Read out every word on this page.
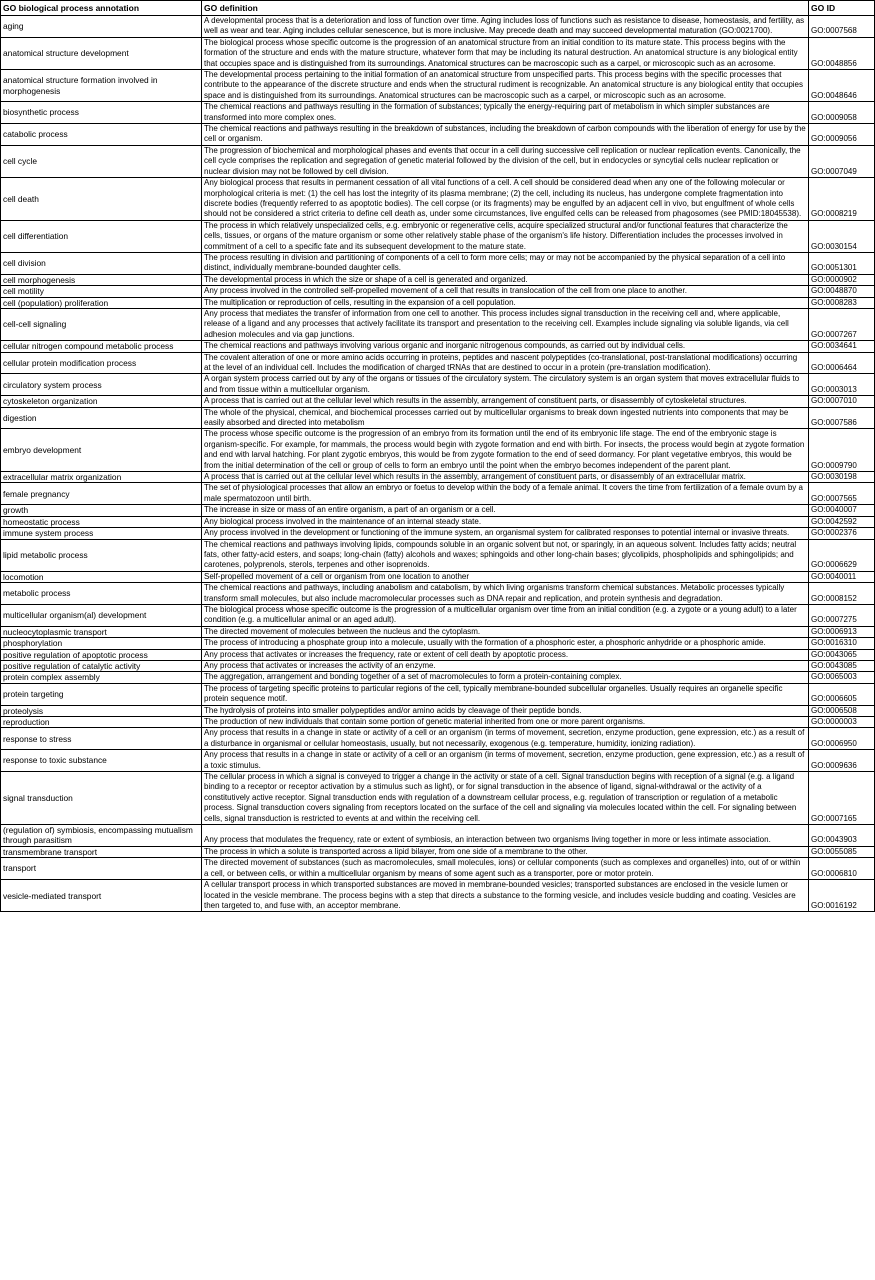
GO biological process annotation	GO definition	GO ID
aging	A developmental process that is a deterioration and loss of function over time. Aging includes loss of functions such as resistance to disease, homeostasis, and fertility, as well as wear and tear. Aging includes cellular senescence, but is more inclusive. May precede death and may succeed developmental maturation (GO:0021700).	GO:0007568
anatomical structure development	The biological process whose specific outcome is the progression of an anatomical structure from an initial condition to its mature state. This process begins with the formation of the structure and ends with the mature structure, whatever form that may be including its natural destruction. An anatomical structure is any biological entity that occupies space and is distinguished from its surroundings. Anatomical structures can be macroscopic such as a carpel, or microscopic such as an acrosome.	GO:0048856
anatomical structure formation involved in morphogenesis	The developmental process pertaining to the initial formation of an anatomical structure from unspecified parts. This process begins with the specific processes that contribute to the appearance of the discrete structure and ends when the structural rudiment is recognizable. An anatomical structure is any biological entity that occupies space and is distinguished from its surroundings. Anatomical structures can be macroscopic such as a carpel, or microscopic such as an acrosome.	GO:0048646
biosynthetic process	The chemical reactions and pathways resulting in the formation of substances; typically the energy-requiring part of metabolism in which simpler substances are transformed into more complex ones.	GO:0009058
catabolic process	The chemical reactions and pathways resulting in the breakdown of substances, including the breakdown of carbon compounds with the liberation of energy for use by the cell or organism.	GO:0009056
cell cycle	The progression of biochemical and morphological phases and events that occur in a cell during successive cell replication or nuclear replication events. Canonically, the cell cycle comprises the replication and segregation of genetic material followed by the division of the cell, but in endocycles or syncytial cells nuclear replication or nuclear division may not be followed by cell division.	GO:0007049
cell death	Any biological process that results in permanent cessation of all vital functions of a cell. A cell should be considered dead when any one of the following molecular or morphological criteria is met: (1) the cell has lost the integrity of its plasma membrane; (2) the cell, including its nucleus, has undergone complete fragmentation into discrete bodies (frequently referred to as apoptotic bodies). The cell corpse (or its fragments) may be engulfed by an adjacent cell in vivo, but engulfment of whole cells should not be considered a strict criteria to define cell death as, under some circumstances, live engulfed cells can be released from phagosomes (see PMID:18045538).	GO:0008219
cell differentiation	The process in which relatively unspecialized cells, e.g. embryonic or regenerative cells, acquire specialized structural and/or functional features that characterize the cells, tissues, or organs of the mature organism or some other relatively stable phase of the organism's life history. Differentiation includes the processes involved in commitment of a cell to a specific fate and its subsequent development to the mature state.	GO:0030154
cell division	The process resulting in division and partitioning of components of a cell to form more cells; may or may not be accompanied by the physical separation of a cell into distinct, individually membrane-bounded daughter cells.	GO:0051301
cell morphogenesis	The developmental process in which the size or shape of a cell is generated and organized.	GO:0000902
cell motility	Any process involved in the controlled self-propelled movement of a cell that results in translocation of the cell from one place to another.	GO:0048870
cell (population) proliferation	The multiplication or reproduction of cells, resulting in the expansion of a cell population.	GO:0008283
cell-cell signaling	Any process that mediates the transfer of information from one cell to another. This process includes signal transduction in the receiving cell and, where applicable, release of a ligand and any processes that actively facilitate its transport and presentation to the receiving cell. Examples include signaling via soluble ligands, via cell adhesion molecules and via gap junctions.	GO:0007267
cellular nitrogen compound metabolic process	The chemical reactions and pathways involving various organic and inorganic nitrogenous compounds, as carried out by individual cells.	GO:0034641
cellular protein modification process	The covalent alteration of one or more amino acids occurring in proteins, peptides and nascent polypeptides (co-translational, post-translational modifications) occurring at the level of an individual cell. Includes the modification of charged tRNAs that are destined to occur in a protein (pre-translation modification).	GO:0006464
circulatory system process	A organ system process carried out by any of the organs or tissues of the circulatory system. The circulatory system is an organ system that moves extracellular fluids to and from tissue within a multicellular organism.	GO:0003013
cytoskeleton organization	A process that is carried out at the cellular level which results in the assembly, arrangement of constituent parts, or disassembly of cytoskeletal structures.	GO:0007010
digestion	The whole of the physical, chemical, and biochemical processes carried out by multicellular organisms to break down ingested nutrients into components that may be easily absorbed and directed into metabolism	GO:0007586
embryo development	The process whose specific outcome is the progression of an embryo from its formation until the end of its embryonic life stage. The end of the embryonic stage is organism-specific. For example, for mammals, the process would begin with zygote formation and end with birth. For insects, the process would begin at zygote formation and end with larval hatching. For plant zygotic embryos, this would be from zygote formation to the end of seed dormancy. For plant vegetative embryos, this would be from the initial determination of the cell or group of cells to form an embryo until the point when the embryo becomes independent of the parent plant.	GO:0009790
extracellular matrix organization	A process that is carried out at the cellular level which results in the assembly, arrangement of constituent parts, or disassembly of an extracellular matrix.	GO:0030198
female pregnancy	The set of physiological processes that allow an embryo or foetus to develop within the body of a female animal. It covers the time from fertilization of a female ovum by a male spermatozoon until birth.	GO:0007565
growth	The increase in size or mass of an entire organism, a part of an organism or a cell.	GO:0040007
homeostatic process	Any biological process involved in the maintenance of an internal steady state.	GO:0042592
immune system process	Any process involved in the development or functioning of the immune system, an organismal system for calibrated responses to potential internal or invasive threats.	GO:0002376
lipid metabolic process	The chemical reactions and pathways involving lipids, compounds soluble in an organic solvent but not, or sparingly, in an aqueous solvent. Includes fatty acids; neutral fats, other fatty-acid esters, and soaps; long-chain (fatty) alcohols and waxes; sphingoids and other long-chain bases; glycolipids, phospholipids and sphingolipids; and carotenes, polyprenols, sterols, terpenes and other isoprenoids.	GO:0006629
locomotion	Self-propelled movement of a cell or organism from one location to another	GO:0040011
metabolic process	The chemical reactions and pathways, including anabolism and catabolism, by which living organisms transform chemical substances. Metabolic processes typically transform small molecules, but also include macromolecular processes such as DNA repair and replication, and protein synthesis and degradation.	GO:0008152
multicellular organism(al) development	The biological process whose specific outcome is the progression of a multicellular organism over time from an initial condition (e.g. a zygote or a young adult) to a later condition (e.g. a multicellular animal or an aged adult).	GO:0007275
nucleocytoplasmic transport	The directed movement of molecules between the nucleus and the cytoplasm.	GO:0006913
phosphorylation	The process of introducing a phosphate group into a molecule, usually with the formation of a phosphoric ester, a phosphoric anhydride or a phosphoric amide.	GO:0016310
positive regulation of apoptotic process	Any process that activates or increases the frequency, rate or extent of cell death by apoptotic process.	GO:0043065
positive regulation of catalytic activity	Any process that activates or increases the activity of an enzyme.	GO:0043085
protein complex assembly	The aggregation, arrangement and bonding together of a set of macromolecules to form a protein-containing complex.	GO:0065003
protein targeting	The process of targeting specific proteins to particular regions of the cell, typically membrane-bounded subcellular organelles. Usually requires an organelle specific protein sequence motif.	GO:0006605
proteolysis	The hydrolysis of proteins into smaller polypeptides and/or amino acids by cleavage of their peptide bonds.	GO:0006508
reproduction	The production of new individuals that contain some portion of genetic material inherited from one or more parent organisms.	GO:0000003
response to stress	Any process that results in a change in state or activity of a cell or an organism (in terms of movement, secretion, enzyme production, gene expression, etc.) as a result of a disturbance in organismal or cellular homeostasis, usually, but not necessarily, exogenous (e.g. temperature, humidity, ionizing radiation).	GO:0006950
response to toxic substance	Any process that results in a change in state or activity of a cell or an organism (in terms of movement, secretion, enzyme production, gene expression, etc.) as a result of a toxic stimulus.	GO:0009636
signal transduction	The cellular process in which a signal is conveyed to trigger a change in the activity or state of a cell. Signal transduction begins with reception of a signal (e.g. a ligand binding to a receptor or receptor activation by a stimulus such as light), or for signal transduction in the absence of ligand, signal-withdrawal or the activity of a constitutively active receptor. Signal transduction ends with regulation of a downstream cellular process, e.g. regulation of transcription or regulation of a metabolic process. Signal transduction covers signaling from receptors located on the surface of the cell and signaling via molecules located within the cell. For signaling between cells, signal transduction is restricted to events at and within the receiving cell.	GO:0007165
(regulation of) symbiosis, encompassing mutualism through parasitism	Any process that modulates the frequency, rate or extent of symbiosis, an interaction between two organisms living together in more or less intimate association.	GO:0043903
transmembrane transport	The process in which a solute is transported across a lipid bilayer, from one side of a membrane to the other.	GO:0055085
transport	The directed movement of substances (such as macromolecules, small molecules, ions) or cellular components (such as complexes and organelles) into, out of or within a cell, or between cells, or within a multicellular organism by means of some agent such as a transporter, pore or motor protein.	GO:0006810
vesicle-mediated transport	A cellular transport process in which transported substances are moved in membrane-bounded vesicles; transported substances are enclosed in the vesicle lumen or located in the vesicle membrane. The process begins with a step that directs a substance to the forming vesicle, and includes vesicle budding and coating. Vesicles are then targeted to, and fuse with, an acceptor membrane.	GO:0016192
